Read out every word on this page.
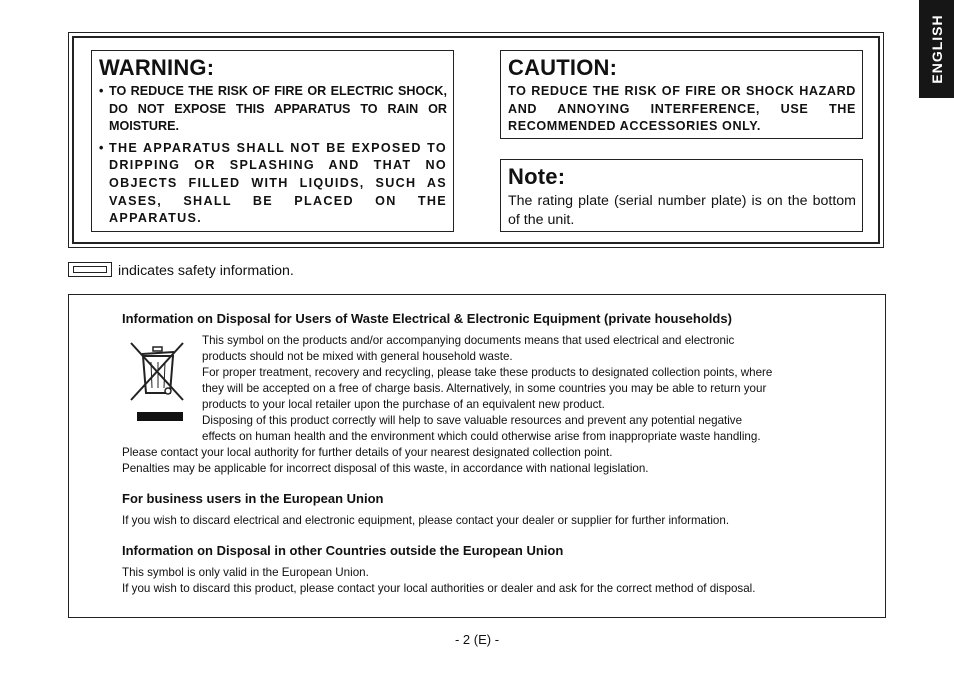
ENGLISH
WARNING:
• TO REDUCE THE RISK OF FIRE OR ELECTRIC SHOCK, DO NOT EXPOSE THIS APPARATUS TO RAIN OR MOISTURE.
• THE APPARATUS SHALL NOT BE EXPOSED TO DRIPPING OR SPLASHING AND THAT NO OBJECTS FILLED WITH LIQUIDS, SUCH AS VASES, SHALL BE PLACED ON THE APPARATUS.
CAUTION:
TO REDUCE THE RISK OF FIRE OR SHOCK HAZARD AND ANNOYING INTERFERENCE, USE THE RECOMMENDED ACCESSORIES ONLY.
Note:
The rating plate (serial number plate) is on the bottom of the unit.
indicates safety information.
Information on Disposal for Users of Waste Electrical & Electronic Equipment (private households)
This symbol on the products and/or accompanying documents means that used electrical and electronic
products should not be mixed with general household waste.
For proper treatment, recovery and recycling, please take these products to designated collection points, where
they will be accepted on a free of charge basis. Alternatively, in some countries you may be able to return your
products to your local retailer upon the purchase of an equivalent new product.
Disposing of this product correctly will help to save valuable resources and prevent any potential negative
effects on human health and the environment which could otherwise arise from inappropriate waste handling.
Please contact your local authority for further details of your nearest designated collection point.
Penalties may be applicable for incorrect disposal of this waste, in accordance with national legislation.
For business users in the European Union
If you wish to discard electrical and electronic equipment, please contact your dealer or supplier for further information.
Information on Disposal in other Countries outside the European Union
This symbol is only valid in the European Union.
If you wish to discard this product, please contact your local authorities or dealer and ask for the correct method of disposal.
- 2 (E) -
